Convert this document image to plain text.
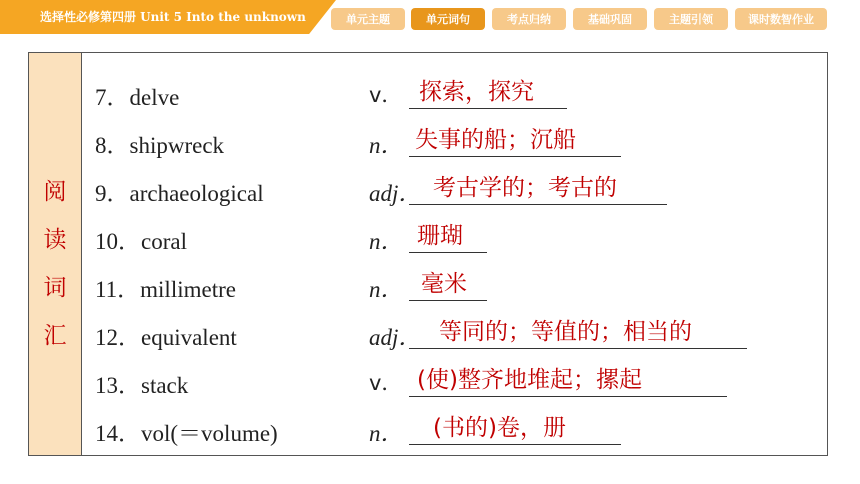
选择性必修第四册 Unit 5 Into the unknown	单元主题	单元词句	考点归纳	基础巩固	主题引领	课时数智作业
阅
读
词
汇
7．delve	v． 探索，探究
8．shipwreck	n． 失事的船；沉船
9．archaeological	adj． 考古学的；考古的
10．coral	n． 珊瑚
11．millimetre	n． 毫米
12．equivalent	adj． 等同的；等值的；相当的
13．stack	v． (使)整齐地堆起；摞起
14．vol(＝volume)	n． (书的)卷，册
